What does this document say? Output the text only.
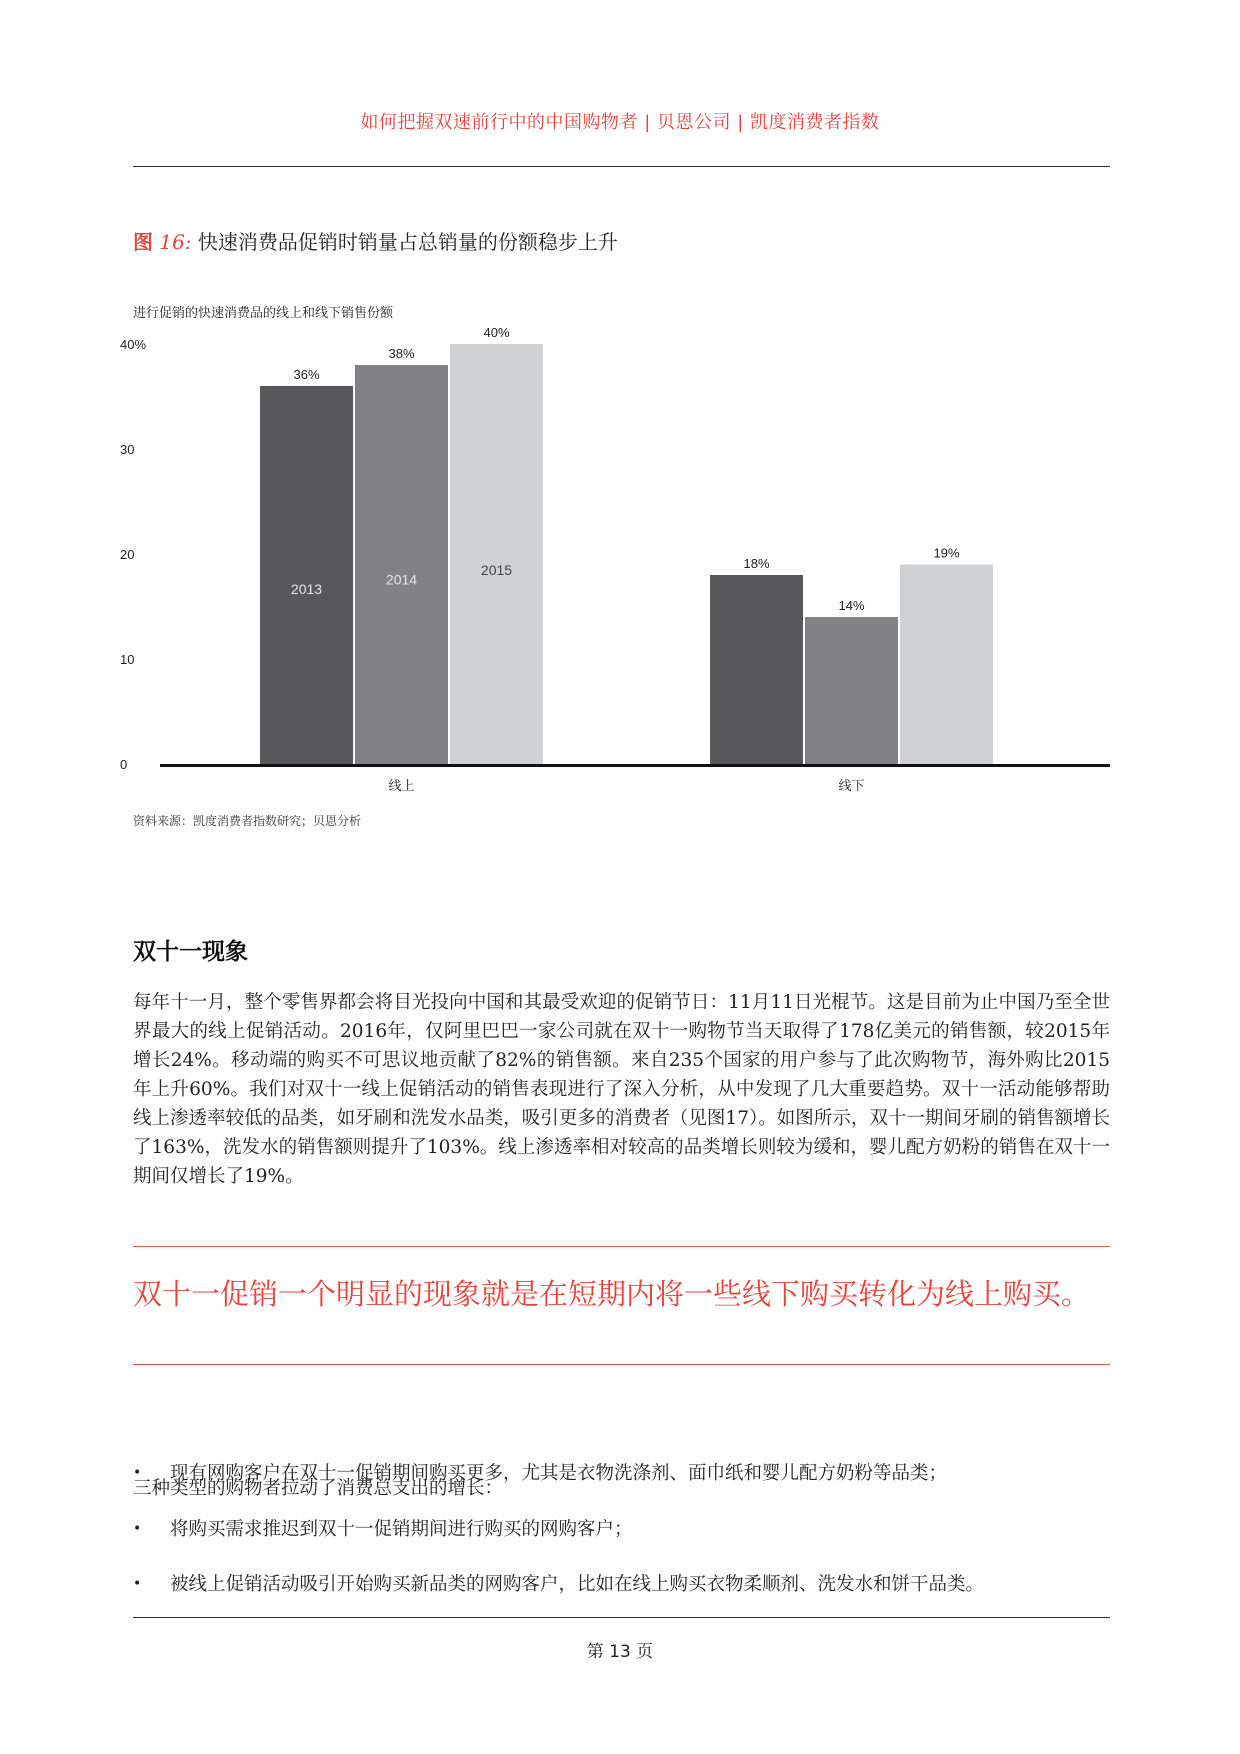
如何把握双速前行中的中国购物者 | 贝恩公司 | 凯度消费者指数
图 16: 快速消费品促销时销量占总销量的份额稳步上升
进行促销的快速消费品的线上和线下销售份额
0
10
20
30
40%
36%
2013
38%
2014
40%
2015
线上
18%
14%
19%
线下
资料来源：凯度消费者指数研究；贝恩分析
双十一现象

每年十一月，整个零售界都会将目光投向中国和其最受欢迎的促销节日：11月11日光棍节。这是目前为止中国乃至全世界最大的线上促销活动。2016年，仅阿里巴巴一家公司就在双十一购物节当天取得了178亿美元的销售额，较2015年增长24%。移动端的购买不可思议地贡献了82%的销售额。来自235个国家的用户参与了此次购物节，海外购比2015年上升60%。我们对双十一线上促销活动的销售表现进行了深入分析，从中发现了几大重要趋势。双十一活动能够帮助线上渗透率较低的品类，如牙刷和洗发水品类，吸引更多的消费者（见图17）。如图所示，双十一期间牙刷的销售额增长了163%，洗发水的销售额则提升了103%。线上渗透率相对较高的品类增长则较为缓和，婴儿配方奶粉的销售在双十一期间仅增长了19%。

双十一促销一个明显的现象就是在短期内将一些线下购买转化为线上购买。
三种类型的购物者拉动了消费总支出的增长：
• 现有网购客户在双十一促销期间购买更多，尤其是衣物洗涤剂、面巾纸和婴儿配方奶粉等品类；
• 将购买需求推迟到双十一促销期间进行购买的网购客户；
• 被线上促销活动吸引开始购买新品类的网购客户，比如在线上购买衣物柔顺剂、洗发水和饼干品类。
第 13 页
